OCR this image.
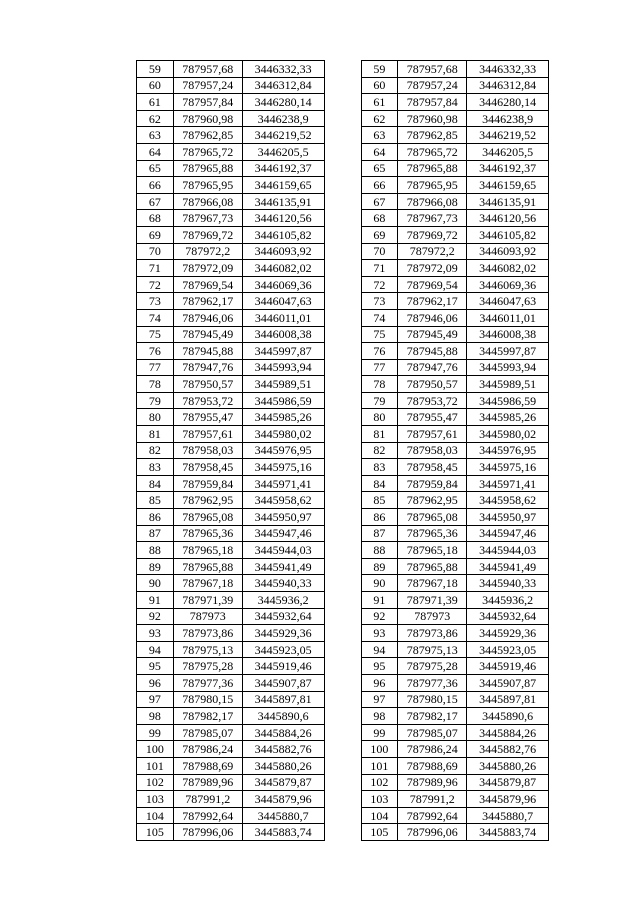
59	787957,68	3446332,33
60	787957,24	3446312,84
61	787957,84	3446280,14
62	787960,98	3446238,9
63	787962,85	3446219,52
64	787965,72	3446205,5
65	787965,88	3446192,37
66	787965,95	3446159,65
67	787966,08	3446135,91
68	787967,73	3446120,56
69	787969,72	3446105,82
70	787972,2	3446093,92
71	787972,09	3446082,02
72	787969,54	3446069,36
73	787962,17	3446047,63
74	787946,06	3446011,01
75	787945,49	3446008,38
76	787945,88	3445997,87
77	787947,76	3445993,94
78	787950,57	3445989,51
79	787953,72	3445986,59
80	787955,47	3445985,26
81	787957,61	3445980,02
82	787958,03	3445976,95
83	787958,45	3445975,16
84	787959,84	3445971,41
85	787962,95	3445958,62
86	787965,08	3445950,97
87	787965,36	3445947,46
88	787965,18	3445944,03
89	787965,88	3445941,49
90	787967,18	3445940,33
91	787971,39	3445936,2
92	787973	3445932,64
93	787973,86	3445929,36
94	787975,13	3445923,05
95	787975,28	3445919,46
96	787977,36	3445907,87
97	787980,15	3445897,81
98	787982,17	3445890,6
99	787985,07	3445884,26
100	787986,24	3445882,76
101	787988,69	3445880,26
102	787989,96	3445879,87
103	787991,2	3445879,96
104	787992,64	3445880,7
105	787996,06	3445883,74
59	787957,68	3446332,33
60	787957,24	3446312,84
61	787957,84	3446280,14
62	787960,98	3446238,9
63	787962,85	3446219,52
64	787965,72	3446205,5
65	787965,88	3446192,37
66	787965,95	3446159,65
67	787966,08	3446135,91
68	787967,73	3446120,56
69	787969,72	3446105,82
70	787972,2	3446093,92
71	787972,09	3446082,02
72	787969,54	3446069,36
73	787962,17	3446047,63
74	787946,06	3446011,01
75	787945,49	3446008,38
76	787945,88	3445997,87
77	787947,76	3445993,94
78	787950,57	3445989,51
79	787953,72	3445986,59
80	787955,47	3445985,26
81	787957,61	3445980,02
82	787958,03	3445976,95
83	787958,45	3445975,16
84	787959,84	3445971,41
85	787962,95	3445958,62
86	787965,08	3445950,97
87	787965,36	3445947,46
88	787965,18	3445944,03
89	787965,88	3445941,49
90	787967,18	3445940,33
91	787971,39	3445936,2
92	787973	3445932,64
93	787973,86	3445929,36
94	787975,13	3445923,05
95	787975,28	3445919,46
96	787977,36	3445907,87
97	787980,15	3445897,81
98	787982,17	3445890,6
99	787985,07	3445884,26
100	787986,24	3445882,76
101	787988,69	3445880,26
102	787989,96	3445879,87
103	787991,2	3445879,96
104	787992,64	3445880,7
105	787996,06	3445883,74
